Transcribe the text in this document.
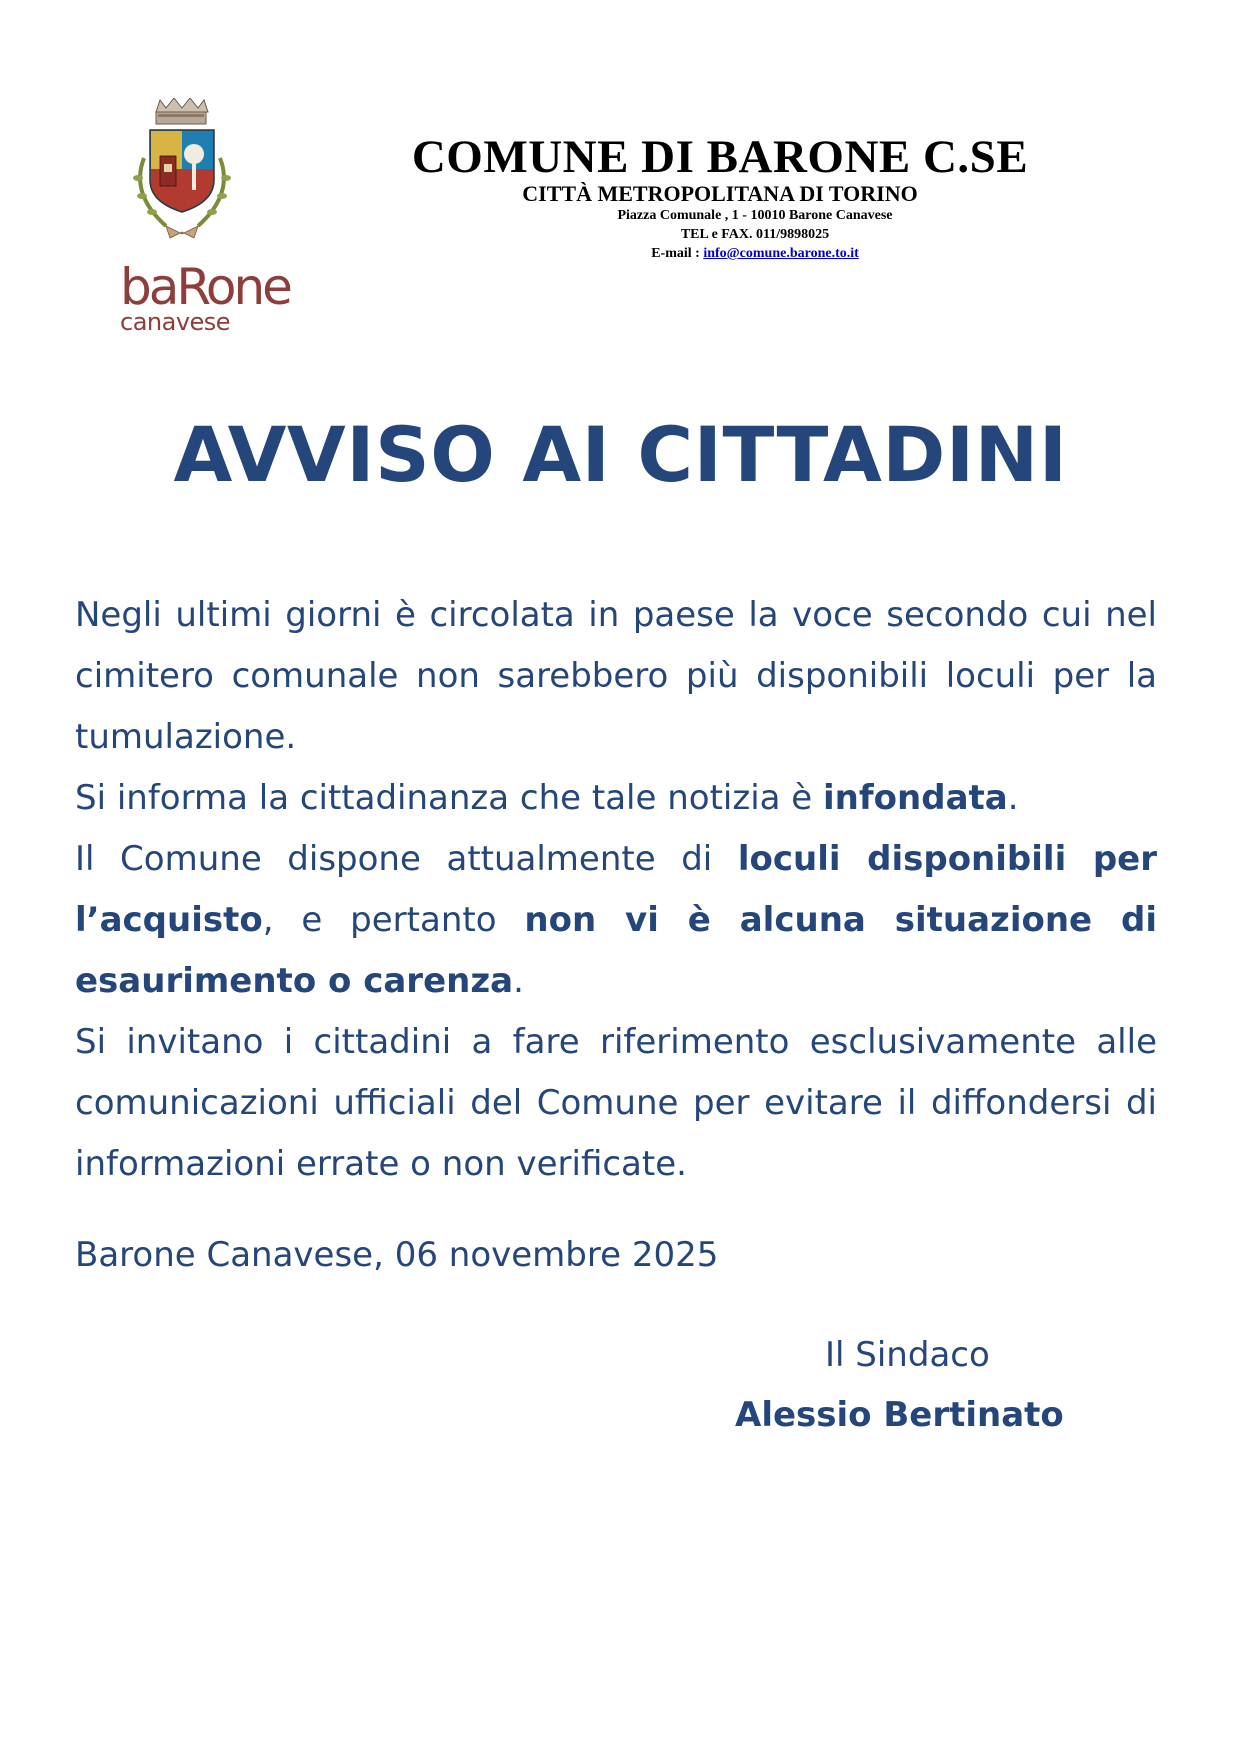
baRone
canavese
COMUNE DI BARONE C.SE
CITTÀ METROPOLITANA DI TORINO
Piazza Comunale , 1 - 10010 Barone Canavese
TEL e FAX. 011/9898025
E-mail : info@comune.barone.to.it
AVVISO AI CITTADINI

Negli ultimi giorni è circolata in paese la voce secondo cui nel cimitero comunale non sarebbero più disponibili loculi per la tumulazione.

Si informa la cittadinanza che tale notizia è infondata.

Il Comune dispone attualmente di loculi disponibili per l’acquisto, e pertanto non vi è alcuna situazione di esaurimento o carenza.

Si invitano i cittadini a fare riferimento esclusivamente alle comunicazioni ufficiali del Comune per evitare il diffondersi di informazioni errate o non verificate.

Barone Canavese, 06 novembre 2025
Il Sindaco
Alessio Bertinato
